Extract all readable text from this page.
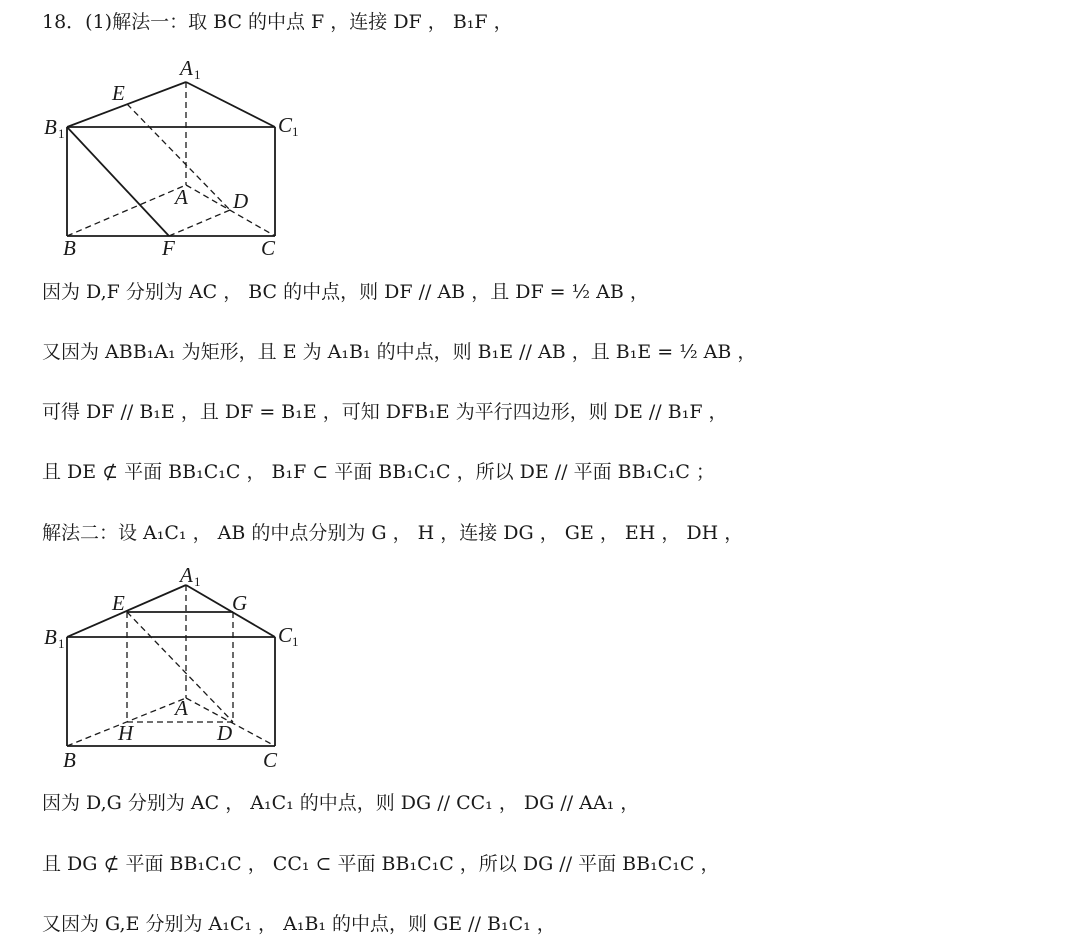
18．(1)解法一：取 BC 的中点 F ，连接 DF ， B₁F ，
A 1
E
B 1	C 1
A D
B	F	C
因为 D,F 分别为 AC ， BC 的中点，则 DF // AB ，且 DF = ½ AB ，
又因为 ABB₁A₁ 为矩形，且 E 为 A₁B₁ 的中点，则 B₁E // AB ，且 B₁E = ½ AB ，
可得 DF // B₁E ，且 DF = B₁E ，可知 DFB₁E 为平行四边形，则 DE // B₁F ，
且 DE ⊄ 平面 BB₁C₁C ， B₁F ⊂ 平面 BB₁C₁C ，所以 DE // 平面 BB₁C₁C ；
解法二：设 A₁C₁ ， AB 的中点分别为 G ， H ，连接 DG ， GE ， EH ， DH ，
A 1
E	G
B 1	C 1
A
H	D
B	C
因为 D,G 分别为 AC ， A₁C₁ 的中点，则 DG // CC₁ ， DG // AA₁ ，
且 DG ⊄ 平面 BB₁C₁C ， CC₁ ⊂ 平面 BB₁C₁C ，所以 DG // 平面 BB₁C₁C ，
又因为 G,E 分别为 A₁C₁ ， A₁B₁ 的中点，则 GE // B₁C₁ ，
